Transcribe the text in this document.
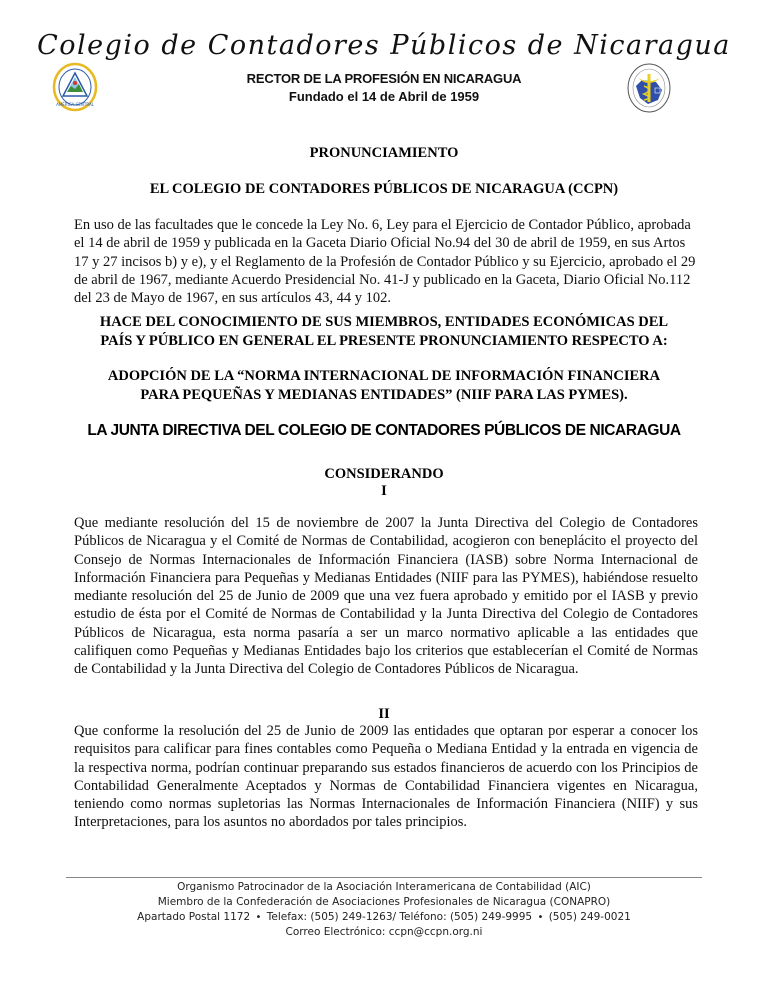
Colegio de Contadores Públicos de Nicaragua
AMÉRICA CENTRAL
RECTOR DE LA PROFESIÓN EN NICARAGUA
Fundado el 14 de Abril de 1959
PRONUNCIAMIENTO
EL COLEGIO DE CONTADORES PÚBLICOS DE NICARAGUA (CCPN)
En uso de las facultades que le concede la Ley No. 6, Ley para el Ejercicio de Contador Público, aprobada el 14 de abril de 1959 y publicada en la Gaceta Diario Oficial No.94 del 30 de abril de 1959, en sus Artos 17 y 27 incisos b) y e), y el Reglamento de la Profesión de Contador Público y su Ejercicio, aprobado el 29 de abril de 1967, mediante Acuerdo Presidencial No. 41-J y publicado en la Gaceta, Diario Oficial No.112 del 23 de Mayo de 1967, en sus artículos 43, 44 y 102.
HACE DEL CONOCIMIENTO DE SUS MIEMBROS, ENTIDADES ECONÓMICAS DEL
PAÍS Y PÚBLICO EN GENERAL EL PRESENTE PRONUNCIAMIENTO RESPECTO A:
ADOPCIÓN DE LA “NORMA INTERNACIONAL DE INFORMACIÓN FINANCIERA
PARA PEQUEÑAS Y MEDIANAS ENTIDADES” (NIIF PARA LAS PYMES).
LA JUNTA DIRECTIVA DEL COLEGIO DE CONTADORES PÚBLICOS DE NICARAGUA
CONSIDERANDO
I
Que mediante resolución del 15 de noviembre de 2007 la Junta Directiva del Colegio de Contadores Públicos de Nicaragua y el Comité de Normas de Contabilidad, acogieron con beneplácito el proyecto del Consejo de Normas Internacionales de Información Financiera (IASB) sobre Norma Internacional de Información Financiera para Pequeñas y Medianas Entidades (NIIF para las PYMES), habiéndose resuelto mediante resolución del 25 de Junio de 2009 que una vez fuera aprobado y emitido por el IASB y previo estudio de ésta por el Comité de Normas de Contabilidad y la Junta Directiva del Colegio de Contadores Públicos de Nicaragua, esta norma pasaría a ser un marco normativo aplicable a las entidades que califiquen como Pequeñas y Medianas Entidades bajo los criterios que establecerían el Comité de Normas de Contabilidad y la Junta Directiva del Colegio de Contadores Públicos de Nicaragua.
II
Que conforme la resolución del 25 de Junio de 2009 las entidades que optaran por esperar a conocer los requisitos para calificar para fines contables como Pequeña o Mediana Entidad y la entrada en vigencia de la respectiva norma, podrían continuar preparando sus estados financieros de acuerdo con los Principios de Contabilidad Generalmente Aceptados y Normas de Contabilidad Financiera vigentes en Nicaragua, teniendo como normas supletorias las Normas Internacionales de Información Financiera (NIIF) y sus Interpretaciones, para los asuntos no abordados por tales principios.
Organismo Patrocinador de la Asociación Interamericana de Contabilidad (AIC)
Miembro de la Confederación de Asociaciones Profesionales de Nicaragua (CONAPRO)
Apartado Postal 1172 • Telefax: (505) 249-1263/ Teléfono: (505) 249-9995 • (505) 249-0021
Correo Electrónico: ccpn@ccpn.org.ni
